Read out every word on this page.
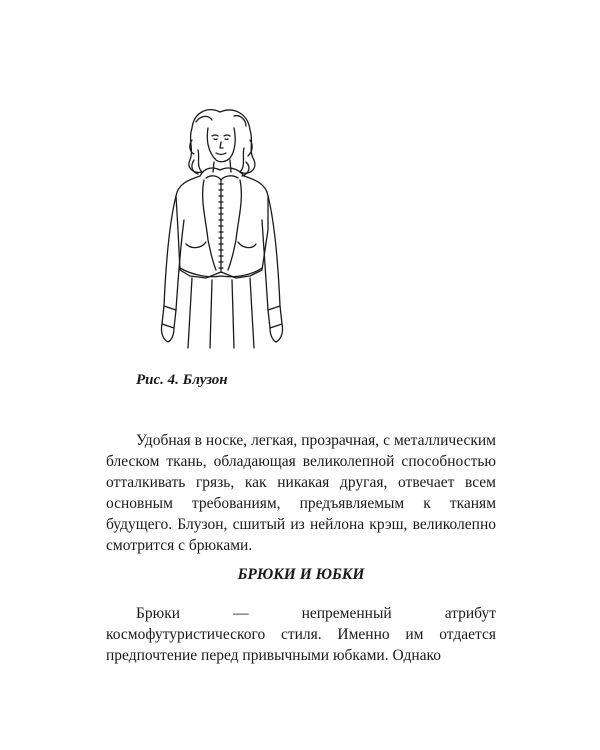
Рис. 4. Блузон

Удобная в носке, легкая, прозрачная, с металлическим блеском ткань, обладающая великолепной способностью отталкивать грязь, как никакая другая, отвечает всем основным требованиям, предъявляемым к тканям будущего. Блузон, сшитый из нейлона крэш, великолепно смотрится с брюками.

БРЮКИ И ЮБКИ

Брюки — непременный атрибут космофутуристического стиля. Именно им отдается предпочтение перед привычными юбками. Однако
